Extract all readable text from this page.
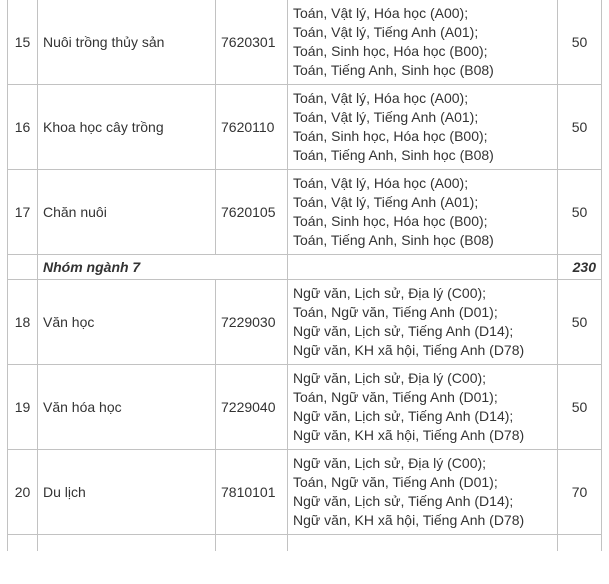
15	Nuôi trồng thủy sản	7620301	Toán, Vật lý, Hóa học (A00);
Toán, Vật lý, Tiếng Anh (A01);
Toán, Sinh học, Hóa học (B00);
Toán, Tiếng Anh, Sinh học (B08)	50
16	Khoa học cây trồng	7620110	Toán, Vật lý, Hóa học (A00);
Toán, Vật lý, Tiếng Anh (A01);
Toán, Sinh học, Hóa học (B00);
Toán, Tiếng Anh, Sinh học (B08)	50
17	Chăn nuôi	7620105	Toán, Vật lý, Hóa học (A00);
Toán, Vật lý, Tiếng Anh (A01);
Toán, Sinh học, Hóa học (B00);
Toán, Tiếng Anh, Sinh học (B08)	50
	Nhóm ngành 7			230
18	Văn học	7229030	Ngữ văn, Lịch sử, Địa lý (C00);
Toán, Ngữ văn, Tiếng Anh (D01);
Ngữ văn, Lịch sử, Tiếng Anh (D14);
Ngữ văn, KH xã hội, Tiếng Anh (D78)	50
19	Văn hóa học	7229040	Ngữ văn, Lịch sử, Địa lý (C00);
Toán, Ngữ văn, Tiếng Anh (D01);
Ngữ văn, Lịch sử, Tiếng Anh (D14);
Ngữ văn, KH xã hội, Tiếng Anh (D78)	50
20	Du lịch	7810101	Ngữ văn, Lịch sử, Địa lý (C00);
Toán, Ngữ văn, Tiếng Anh (D01);
Ngữ văn, Lịch sử, Tiếng Anh (D14);
Ngữ văn, KH xã hội, Tiếng Anh (D78)	70
